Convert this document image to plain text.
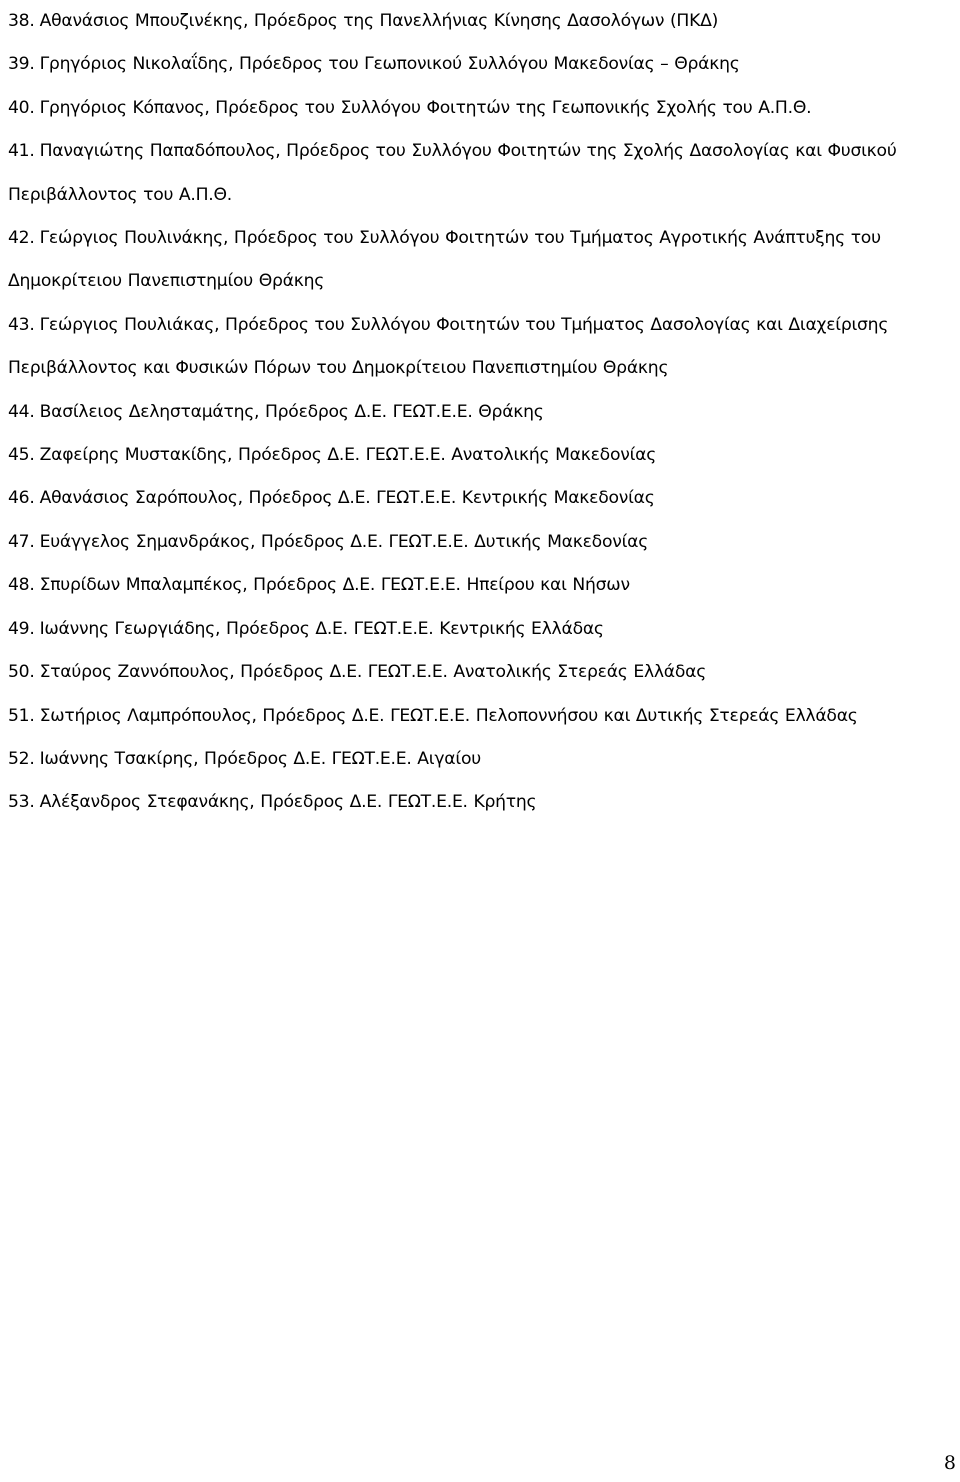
38. Αθανάσιος Μπουζινέκης, Πρόεδρος της Πανελλήνιας Κίνησης Δασολόγων (ΠΚΔ)
39. Γρηγόριος Νικολαΐδης, Πρόεδρος του Γεωπονικού Συλλόγου Μακεδονίας – Θράκης
40. Γρηγόριος Κόπανος, Πρόεδρος του Συλλόγου Φοιτητών της Γεωπονικής Σχολής του Α.Π.Θ.
41. Παναγιώτης Παπαδόπουλος, Πρόεδρος του Συλλόγου Φοιτητών της Σχολής Δασολογίας και Φυσικού Περιβάλλοντος του Α.Π.Θ.
42. Γεώργιος Πουλινάκης, Πρόεδρος του Συλλόγου Φοιτητών του Τμήματος Αγροτικής Ανάπτυξης του Δημοκρίτειου Πανεπιστημίου Θράκης
43. Γεώργιος Πουλιάκας, Πρόεδρος του Συλλόγου Φοιτητών του Τμήματος Δασολογίας και Διαχείρισης Περιβάλλοντος και Φυσικών Πόρων του Δημοκρίτειου Πανεπιστημίου Θράκης
44. Βασίλειος Δελησταμάτης, Πρόεδρος Δ.Ε. ΓΕΩΤ.Ε.Ε. Θράκης
45. Ζαφείρης Μυστακίδης, Πρόεδρος Δ.Ε. ΓΕΩΤ.Ε.Ε. Ανατολικής Μακεδονίας
46. Αθανάσιος Σαρόπουλος, Πρόεδρος Δ.Ε. ΓΕΩΤ.Ε.Ε. Κεντρικής Μακεδονίας
47. Ευάγγελος Σημανδράκος, Πρόεδρος Δ.Ε. ΓΕΩΤ.Ε.Ε. Δυτικής Μακεδονίας
48. Σπυρίδων Μπαλαμπέκος, Πρόεδρος Δ.Ε. ΓΕΩΤ.Ε.Ε. Ηπείρου και Νήσων
49. Ιωάννης Γεωργιάδης, Πρόεδρος Δ.Ε. ΓΕΩΤ.Ε.Ε. Κεντρικής Ελλάδας
50. Σταύρος Ζαννόπουλος, Πρόεδρος Δ.Ε. ΓΕΩΤ.Ε.Ε. Ανατολικής Στερεάς Ελλάδας
51. Σωτήριος Λαμπρόπουλος, Πρόεδρος Δ.Ε. ΓΕΩΤ.Ε.Ε. Πελοποννήσου και Δυτικής Στερεάς Ελλάδας
52. Ιωάννης Τσακίρης, Πρόεδρος Δ.Ε. ΓΕΩΤ.Ε.Ε. Αιγαίου
53. Αλέξανδρος Στεφανάκης, Πρόεδρος Δ.Ε. ΓΕΩΤ.Ε.Ε. Κρήτης
8
